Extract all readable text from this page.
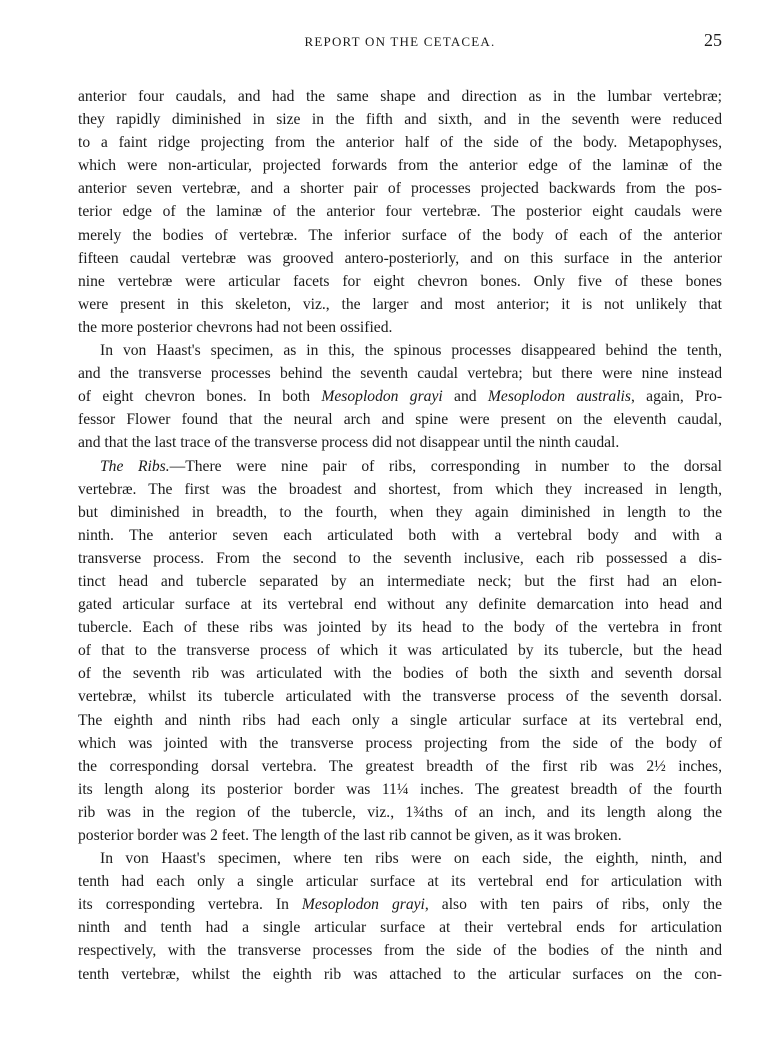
REPORT ON THE CETACEA.	25
anterior four caudals, and had the same shape and direction as in the lumbar vertebræ;
they rapidly diminished in size in the fifth and sixth, and in the seventh were reduced
to a faint ridge projecting from the anterior half of the side of the body. Metapophyses,
which were non-articular, projected forwards from the anterior edge of the laminæ of the
anterior seven vertebræ, and a shorter pair of processes projected backwards from the pos-
terior edge of the laminæ of the anterior four vertebræ. The posterior eight caudals were
merely the bodies of vertebræ. The inferior surface of the body of each of the anterior
fifteen caudal vertebræ was grooved antero-posteriorly, and on this surface in the anterior
nine vertebræ were articular facets for eight chevron bones. Only five of these bones
were present in this skeleton, viz., the larger and most anterior; it is not unlikely that
the more posterior chevrons had not been ossified.
In von Haast's specimen, as in this, the spinous processes disappeared behind the tenth,
and the transverse processes behind the seventh caudal vertebra; but there were nine instead
of eight chevron bones. In both Mesoplodon grayi and Mesoplodon australis, again, Pro-
fessor Flower found that the neural arch and spine were present on the eleventh caudal,
and that the last trace of the transverse process did not disappear until the ninth caudal.
The Ribs.—There were nine pair of ribs, corresponding in number to the dorsal
vertebræ. The first was the broadest and shortest, from which they increased in length,
but diminished in breadth, to the fourth, when they again diminished in length to the
ninth. The anterior seven each articulated both with a vertebral body and with a
transverse process. From the second to the seventh inclusive, each rib possessed a dis-
tinct head and tubercle separated by an intermediate neck; but the first had an elon-
gated articular surface at its vertebral end without any definite demarcation into head and
tubercle. Each of these ribs was jointed by its head to the body of the vertebra in front
of that to the transverse process of which it was articulated by its tubercle, but the head
of the seventh rib was articulated with the bodies of both the sixth and seventh dorsal
vertebræ, whilst its tubercle articulated with the transverse process of the seventh dorsal.
The eighth and ninth ribs had each only a single articular surface at its vertebral end,
which was jointed with the transverse process projecting from the side of the body of
the corresponding dorsal vertebra. The greatest breadth of the first rib was 2½ inches,
its length along its posterior border was 11¼ inches. The greatest breadth of the fourth
rib was in the region of the tubercle, viz., 1¾ths of an inch, and its length along the
posterior border was 2 feet. The length of the last rib cannot be given, as it was broken.
In von Haast's specimen, where ten ribs were on each side, the eighth, ninth, and
tenth had each only a single articular surface at its vertebral end for articulation with
its corresponding vertebra. In Mesoplodon grayi, also with ten pairs of ribs, only the
ninth and tenth had a single articular surface at their vertebral ends for articulation
respectively, with the transverse processes from the side of the bodies of the ninth and
tenth vertebræ, whilst the eighth rib was attached to the articular surfaces on the con-
